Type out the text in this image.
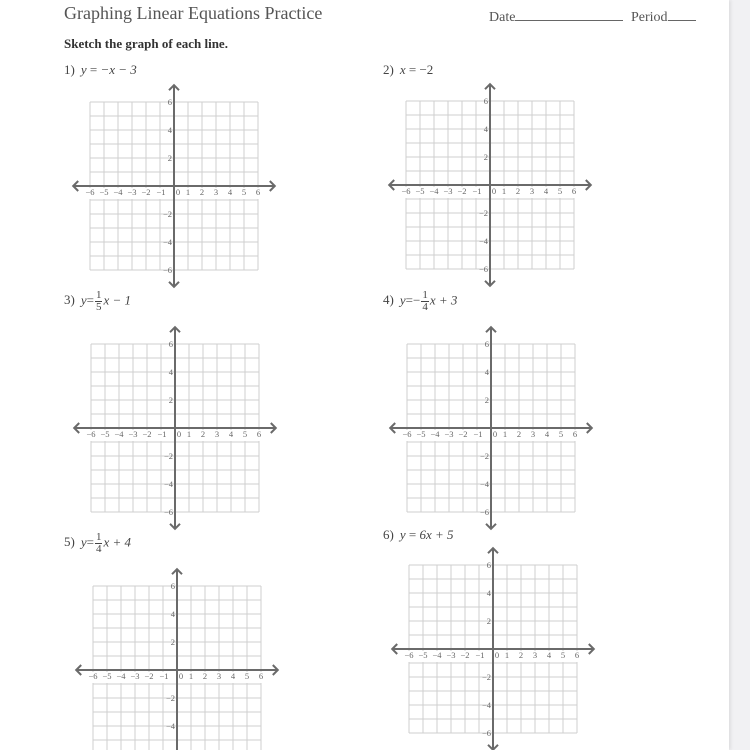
Graphing Linear Equations Practice	Date	Period
Sketch the graph of each line.
1) y = −x − 3	2) x = −2
3) $y= \frac{1}{5}$ x − 1	4) $y=- \frac{1}{4}$ x + 3
5) $y= \frac{1}{4}$ x + 4	6) y = 6x + 5
−6 −5 −4 −3 −2 −1 0 1 2 3 4 5 6
6
4
2
−2
−4
−6
−6 −5 −4 −3 −2 −1 0 1 2 3 4 5 6
6
4
2
−2
−4
−6
−6 −5 −4 −3 −2 −1 0 1 2 3 4 5 6
6
4
2
−2
−4
−6
−6 −5 −4 −3 −2 −1 0 1 2 3 4 5 6
6
4
2
−2
−4
−6
−6 −5 −4 −3 −2 −1 0 1 2 3 4 5 6
6
4
2
−2
−4
−6 −5 −4 −3 −2 −1 0 1 2 3 4 5 6
6
4
2
−2
−4
−6
